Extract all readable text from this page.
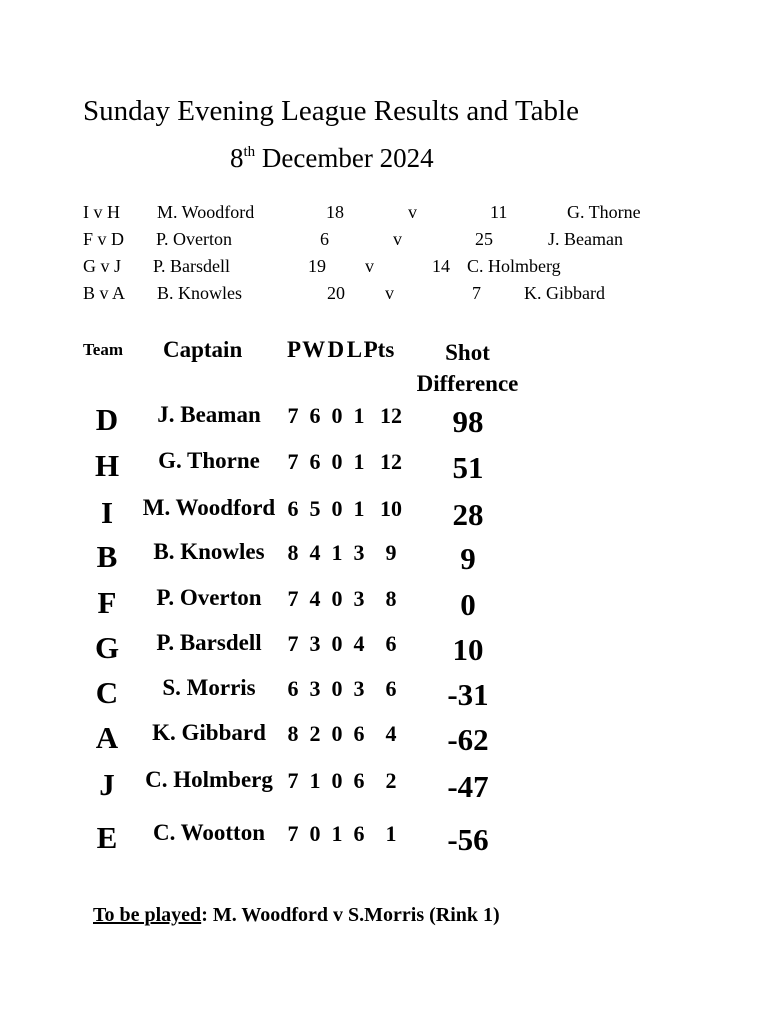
Sunday Evening League Results and Table
8th December 2024
I v H M. Woodford	18	v	11	G. Thorne
F v D P. Overton	6	v	25	J. Beaman
G v J P. Barsdell	19 v	14 C. Holmberg
B v A B. Knowles	20 v	7 K. Gibbard
Team Captain P W D L Pts	Shot
Difference
D	J. Beaman	7 6 0 1 12	98
H	G. Thorne	7 6 0 1 12	51
I	M. Woodford 6 5 0 1 10	28
B	B. Knowles	8 4 1 3 9	9
F	P. Overton	7 4 0 3 8	0
G	P. Barsdell	7 3 0 4 6	10
C	S. Morris	6 3 0 3 6	-31
A	K. Gibbard 8 2 0 6 4	-62
J	C. Holmberg 7 1 0 6 2	-47
E	C. Wootton	7 0 1 6 1	-56
To be played: M. Woodford v S.Morris (Rink 1)
